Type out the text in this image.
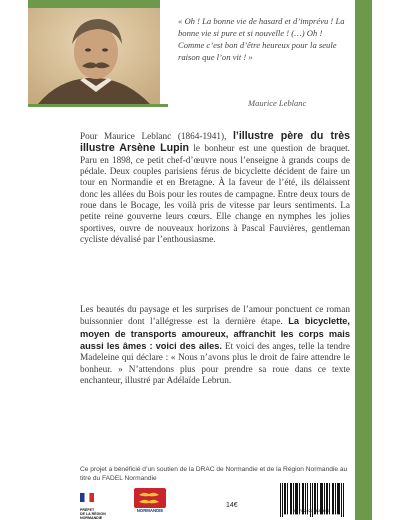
« Oh ! La bonne vie de hasard et d’imprévu ! La bonne vie si pure et si nouvelle ! (…) Oh ! Comme c’est bon d’être heureux pour la seule raison que l’on vit ! »

Maurice Leblanc

Pour Maurice Leblanc (1864-1941), l’illustre père du très illustre Arsène Lupin le bonheur est une question de braquet. Paru en 1898, ce petit chef-d’œuvre nous l’enseigne à grands coups de pédale. Deux couples parisiens férus de bicyclette décident de faire un tour en Normandie et en Bretagne. À la faveur de l’été, ils délaissent donc les allées du Bois pour les routes de campagne. Entre deux tours de roue dans le Bocage, les voilà pris de vitesse par leurs sentiments. La petite reine gouverne leurs cœurs. Elle change en nymphes les jolies sportives, ouvre de nouveaux horizons à Pascal Fauvières, gentleman cycliste dévalisé par l’enthousiasme.

Les beautés du paysage et les surprises de l’amour ponctuent ce roman buissonnier dont l’allégresse est la dernière étape. La bicyclette, moyen de transports amoureux, affranchit les corps mais aussi les âmes : voici des ailes. Et voici des anges, telle la tendre Madeleine qui déclare : « Nous n’avons plus le droit de faire attendre le bonheur. » N’attendons plus pour prendre sa roue dans ce texte enchanteur, illustré par Adélaïde Lebrun.

Ce projet a bénéficié d’un soutien de la DRAC de Normandie et de la Région Normandie au titre du FADEL Normandie

PRÉFET
DE LA RÉGION
NORMANDIE
NORMANDIE
14€
9 782493 620893
